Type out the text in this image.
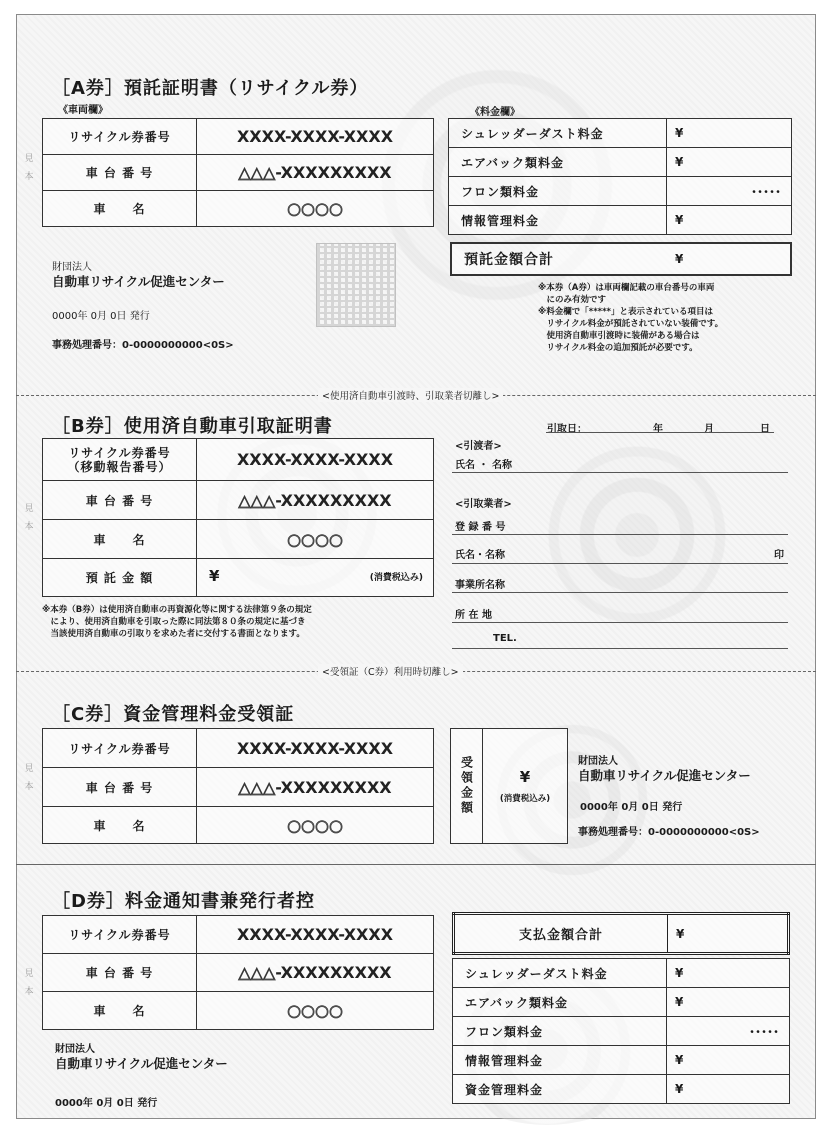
見本
見本
見本
見本
［A券］預託証明書（リサイクル券）
《車両欄》
リサイクル券番号	XXXX-XXXX-XXXX
車 台 番 号	△△△-XXXXXXXXX
車　　名	○○○○
《料金欄》
シュレッダーダスト料金	¥
エアバック類料金	¥
フロン類料金	･････
情報管理料金	¥
預託金額合計	¥
財団法人
自動車リサイクル促進センター
0000年 0月 0日 発行
事務処理番号：0-0000000000<0S>
※本券（A券）は車両欄記載の車台番号の車両
　にのみ有効です
※料金欄で「*****」と表示されている項目は
　リサイクル料金が預託されていない装備です。
　使用済自動車引渡時に装備がある場合は
　リサイクル料金の追加預託が必要です。
<使用済自動車引渡時、引取業者切離し>
［B券］使用済自動車引取証明書
リサイクル券番号
（移動報告番号）	XXXX-XXXX-XXXX
車 台 番 号	△△△-XXXXXXXXX
車　　名	○○○○
預 託 金 額	¥ (消費税込み)
引取日：	年	月	日
<引渡者>
氏名 ・ 名称
<引取業者>
登 録 番 号
氏名・名称	印
事業所名称
所 在 地
TEL.
※本券（B券）は使用済自動車の再資源化等に関する法律第９条の規定
　により、使用済自動車を引取った際に同法第８０条の規定に基づき
　当該使用済自動車の引取りを求めた者に交付する書面となります。
<受領証（C券）利用時切離し>
［C券］資金管理料金受領証
リサイクル券番号	XXXX-XXXX-XXXX
車 台 番 号	△△△-XXXXXXXXX
車　　名	○○○○
受領金額	¥
(消費税込み)
財団法人
自動車リサイクル促進センター
0000年 0月 0日 発行
事務処理番号：0-0000000000<0S>
［D券］料金通知書兼発行者控
リサイクル券番号	XXXX-XXXX-XXXX
車 台 番 号	△△△-XXXXXXXXX
車　　名	○○○○
支払金額合計	¥
シュレッダーダスト料金	¥
エアバック類料金	¥
フロン類料金	･････
情報管理料金	¥
資金管理料金	¥
財団法人
自動車リサイクル促進センター
0000年 0月 0日 発行
